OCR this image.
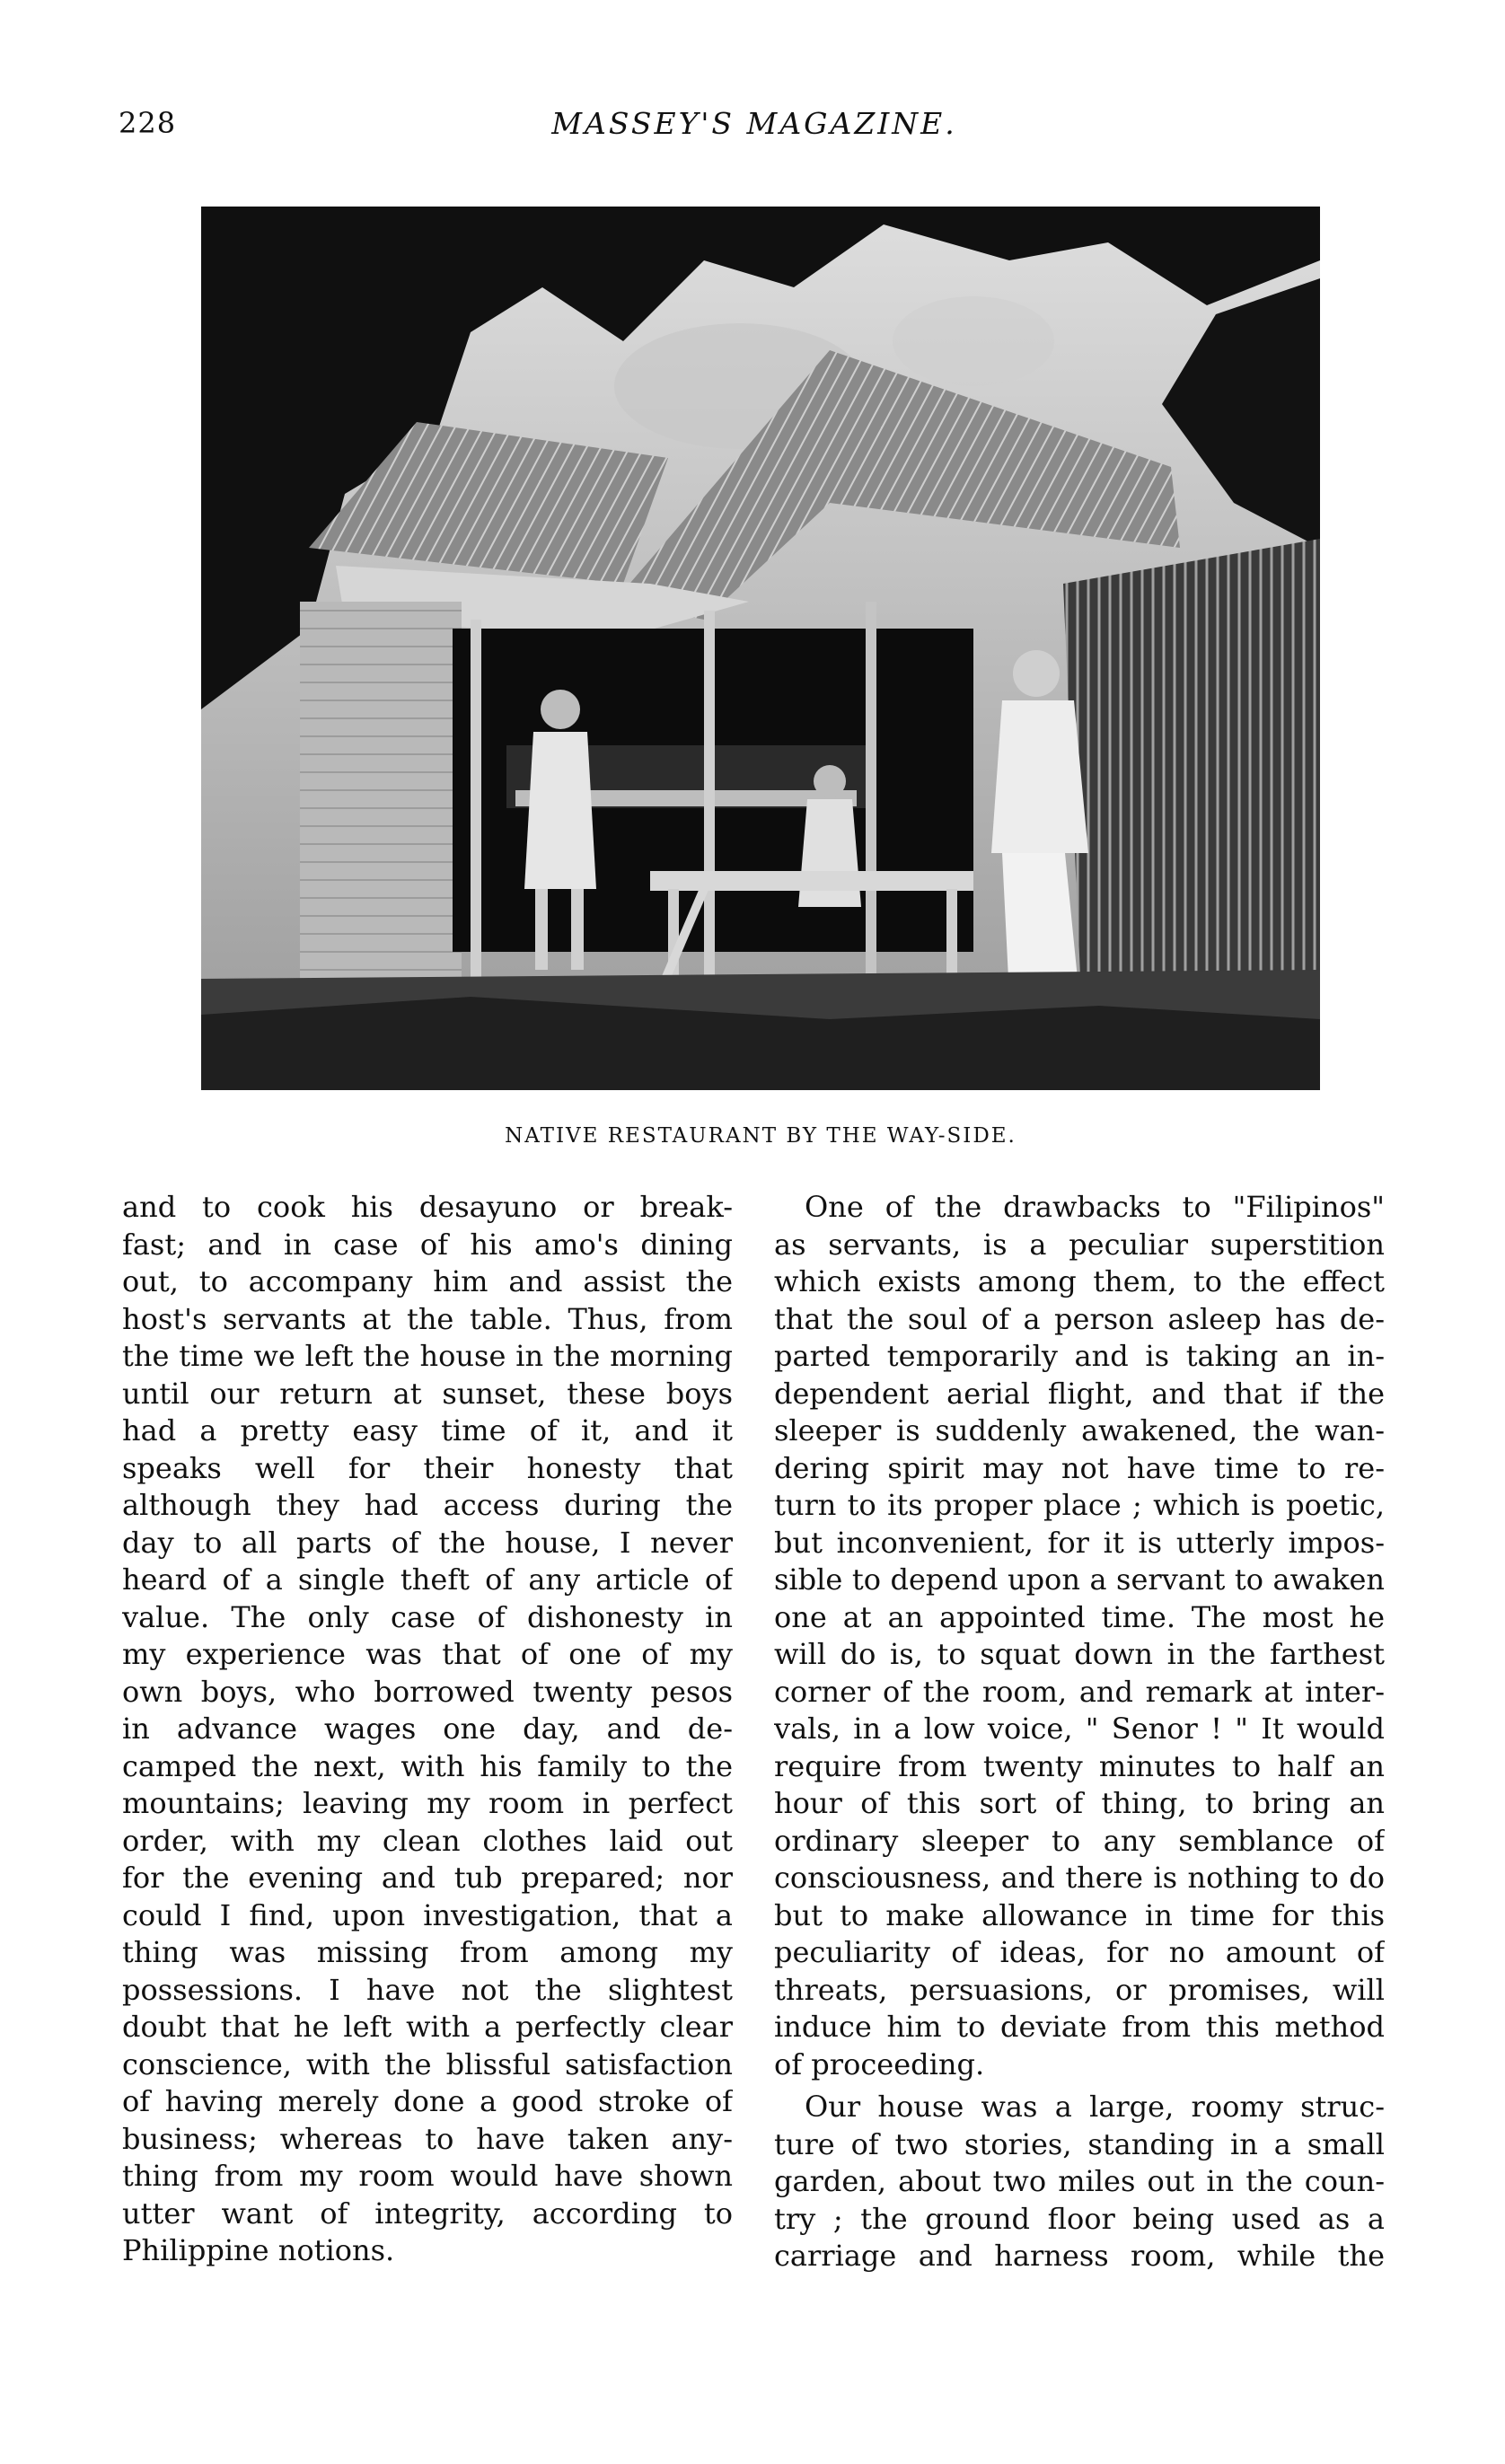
228	MASSEY'S MAGAZINE.
NATIVE RESTAURANT BY THE WAY-SIDE.
and to cook his desayuno or break-
fast; and in case of his amo's dining
out, to accompany him and assist the
host's servants at the table. Thus, from
the time we left the house in the morning
until our return at sunset, these boys
had a pretty easy time of it, and it
speaks well for their honesty that
although they had access during the
day to all parts of the house, I never
heard of a single theft of any article of
value. The only case of dishonesty in
my experience was that of one of my
own boys, who borrowed twenty pesos
in advance wages one day, and de-
camped the next, with his family to the
mountains; leaving my room in perfect
order, with my clean clothes laid out
for the evening and tub prepared; nor
could I find, upon investigation, that a
thing was missing from among my
possessions. I have not the slightest
doubt that he left with a perfectly clear
conscience, with the blissful satisfaction
of having merely done a good stroke of
business; whereas to have taken any-
thing from my room would have shown
utter want of integrity, according to
Philippine notions.
One of the drawbacks to "Filipinos"
as servants, is a peculiar superstition
which exists among them, to the effect
that the soul of a person asleep has de-
parted temporarily and is taking an in-
dependent aerial flight, and that if the
sleeper is suddenly awakened, the wan-
dering spirit may not have time to re-
turn to its proper place ; which is poetic,
but inconvenient, for it is utterly impos-
sible to depend upon a servant to awaken
one at an appointed time. The most he
will do is, to squat down in the farthest
corner of the room, and remark at inter-
vals, in a low voice, " Senor ! " It would
require from twenty minutes to half an
hour of this sort of thing, to bring an
ordinary sleeper to any semblance of
consciousness, and there is nothing to do
but to make allowance in time for this
peculiarity of ideas, for no amount of
threats, persuasions, or promises, will
induce him to deviate from this method
of proceeding.
Our house was a large, roomy struc-
ture of two stories, standing in a small
garden, about two miles out in the coun-
try ; the ground floor being used as a
carriage and harness room, while the
